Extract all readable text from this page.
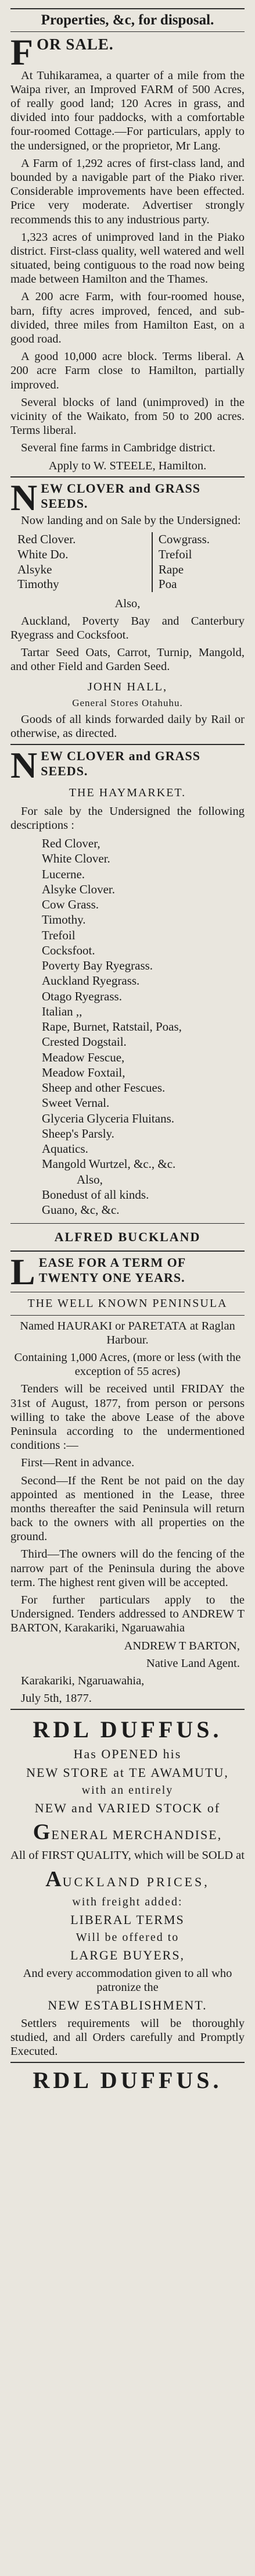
Properties, &c, for disposal.
F OR SALE.

At Tuhikaramea, a quarter of a mile from the Waipa river, an Improved FARM of 500 Acres, of really good land; 120 Acres in grass, and divided into four paddocks, with a comfortable four-roomed Cottage.—For particulars, apply to the undersigned, or the proprietor, Mr Lang.

A Farm of 1,292 acres of first-class land, and bounded by a navigable part of the Piako river. Considerable improvements have been effected. Price very moderate. Advertiser strongly recommends this to any industrious party.

1,323 acres of unimproved land in the Piako district. First-class quality, well watered and well situated, being contiguous to the road now being made between Hamilton and the Thames.

A 200 acre Farm, with four-roomed house, barn, fifty acres improved, fenced, and sub-divided, three miles from Hamilton East, on a good road.

A good 10,000 acre block. Terms liberal. A 200 acre Farm close to Hamilton, partially improved.

Several blocks of land (unimproved) in the vicinity of the Waikato, from 50 to 200 acres. Terms liberal.

Several fine farms in Cambridge district.

Apply to W. STEELE, Hamilton.

N EW CLOVER and GRASS SEEDS.

Now landing and on Sale by the Undersigned:

Red Clover.
White Do.
Alsyke
Timothy
Cowgrass.
Trefoil
Rape
Poa

Also,

Auckland, Poverty Bay and Canterbury Ryegrass and Cocksfoot.

Tartar Seed Oats, Carrot, Turnip, Mangold, and other Field and Garden Seed.

JOHN HALL,

General Stores Otahuhu.

Goods of all kinds forwarded daily by Rail or otherwise, as directed.

N EW CLOVER and GRASS SEEDS.
THE HAYMARKET.

For sale by the Undersigned the following descriptions :

Red Clover,
White Clover.
Lucerne.
Alsyke Clover.
Cow Grass.
Timothy.
Trefoil
Cocksfoot.
Poverty Bay Ryegrass.
Auckland Ryegrass.
Otago Ryegrass.
Italian ,,
Rape, Burnet, Ratstail, Poas,
Crested Dogstail.
Meadow Fescue,
Meadow Foxtail,
Sheep and other Fescues.
Sweet Vernal.
Glyceria Glyceria Fluitans.
Sheep's Parsly.
Aquatics.
Mangold Wurtzel, &c., &c.
Also,
Bonedust of all kinds.
Guano, &c, &c.
ALFRED BUCKLAND
L EASE FOR A TERM OF TWENTY ONE YEARS.
THE WELL KNOWN PENINSULA

Named HAURAKI or PAREТАТА at Raglan Harbour.

Containing 1,000 Acres, (more or less (with the exception of 55 acres)

Tenders will be received until FRIDAY the 31st of August, 1877, from person or persons willing to take the above Lease of the above Peninsula according to the undermentioned conditions :—

First—Rent in advance.

Second—If the Rent be not paid on the day appointed as mentioned in the Lease, three months thereafter the said Peninsula will return back to the owners with all properties on the ground.

Third—The owners will do the fencing of the narrow part of the Peninsula during the above term. The highest rent given will be accepted.

For further particulars apply to the Undersigned. Tenders addressed to ANDREW T BARTON, Karakariki, Ngaruawahia

ANDREW T BARTON,

Native Land Agent.

Karakariki, Ngaruawahia,

July 5th, 1877.

RDL DUFFUS.
Has OPENED his
NEW STORE at TE AWAMUTU,
with an entirely
NEW and VARIED STOCK of
GENERAL MERCHANDISE,

All of FIRST QUALITY, which will be SOLD at

AUCKLAND PRICES,
with freight added:
LIBERAL TERMS
Will be offered to
LARGE BUYERS,

And every accommodation given to all who patronize the

NEW ESTABLISHMENT.

Settlers requirements will be thoroughly studied, and all Orders carefully and Promptly Executed.

RDL DUFFUS.
